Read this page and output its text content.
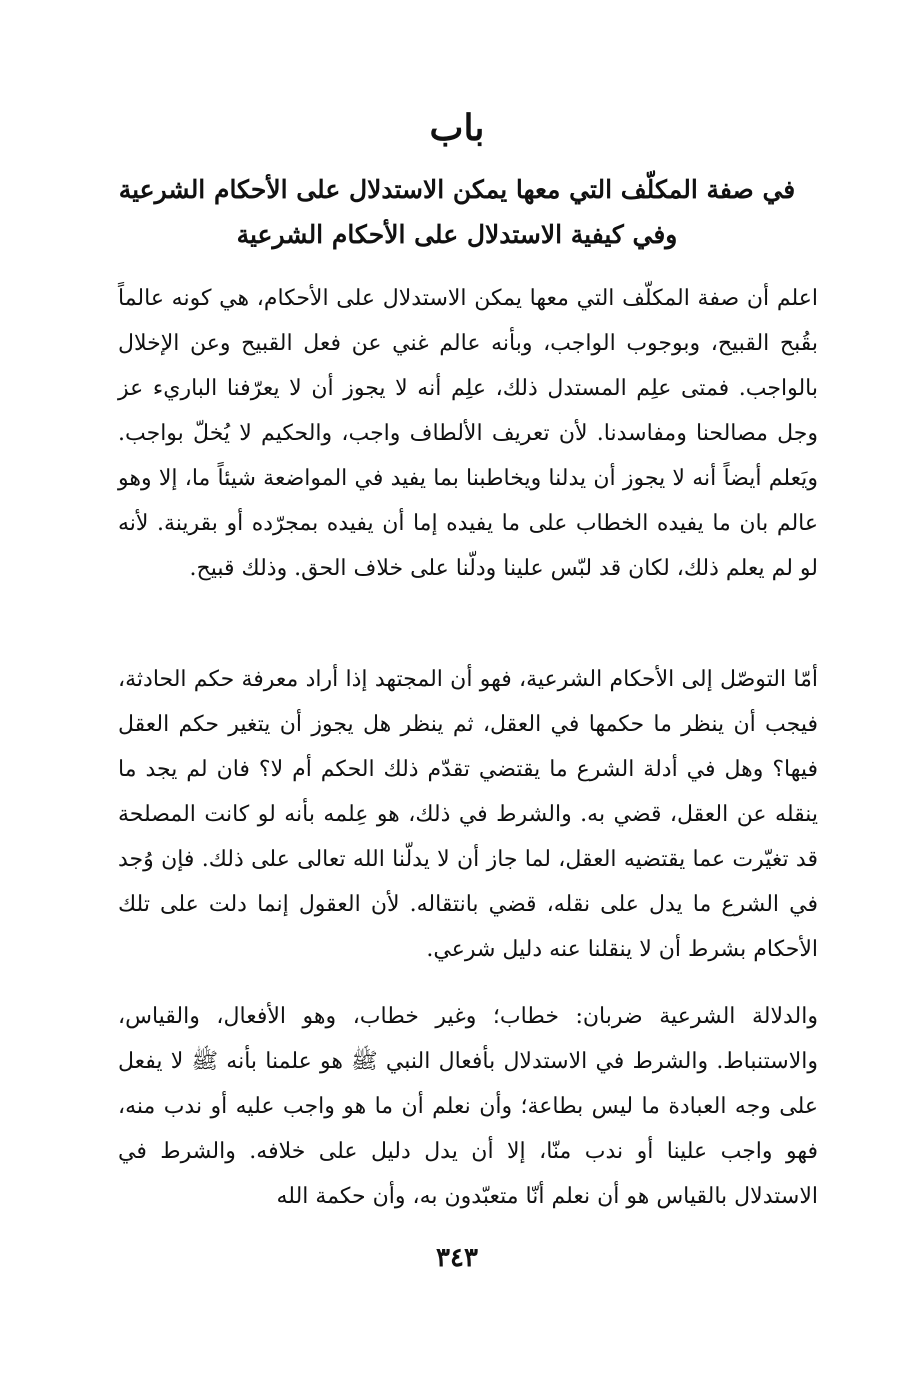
باب
في صفة المكلّف التي معها يمكن الاستدلال على الأحكام الشرعية
وفي كيفية الاستدلال على الأحكام الشرعية

اعلم أن صفة المكلّف التي معها يمكن الاستدلال على الأحكام، هي كونه عالماً بقُبح القبيح، وبوجوب الواجب، وبأنه عالم غني عن فعل القبيح وعن الإخلال بالواجب. فمتى علِم المستدل ذلك، علِم أنه لا يجوز أن لا يعرّفنا الباريء عز وجل مصالحنا ومفاسدنا. لأن تعريف الألطاف واجب، والحكيم لا يُخلّ بواجب. ويَعلم أيضاً أنه لا يجوز أن يدلنا ويخاطبنا بما يفيد في المواضعة شيئاً ما، إلا وهو عالم بان ما يفيده الخطاب على ما يفيده إما أن يفيده بمجرّده أو بقرينة. لأنه لو لم يعلم ذلك، لكان قد لبّس علينا ودلّنا على خلاف الحق. وذلك قبيح.

أمّا التوصّل إلى الأحكام الشرعية، فهو أن المجتهد إذا أراد معرفة حكم الحادثة، فيجب أن ينظر ما حكمها في العقل، ثم ينظر هل يجوز أن يتغير حكم العقل فيها؟ وهل في أدلة الشرع ما يقتضي تقدّم ذلك الحكم أم لا؟ فان لم يجد ما ينقله عن العقل، قضي به. والشرط في ذلك، هو عِلمه بأنه لو كانت المصلحة قد تغيّرت عما يقتضيه العقل، لما جاز أن لا يدلّنا الله تعالى على ذلك. فإن وُجد في الشرع ما يدل على نقله، قضي بانتقاله. لأن العقول إنما دلت على تلك الأحكام بشرط أن لا ينقلنا عنه دليل شرعي.

والدلالة الشرعية ضربان: خطاب؛ وغير خطاب، وهو الأفعال، والقياس، والاستنباط. والشرط في الاستدلال بأفعال النبي ﷺ هو علمنا بأنه ﷺ لا يفعل على وجه العبادة ما ليس بطاعة؛ وأن نعلم أن ما هو واجب عليه أو ندب منه، فهو واجب علينا أو ندب منّا، إلا أن يدل دليل على خلافه. والشرط في الاستدلال بالقياس هو أن نعلم أنّا متعبّدون به، وأن حكمة الله

٣٤٣
